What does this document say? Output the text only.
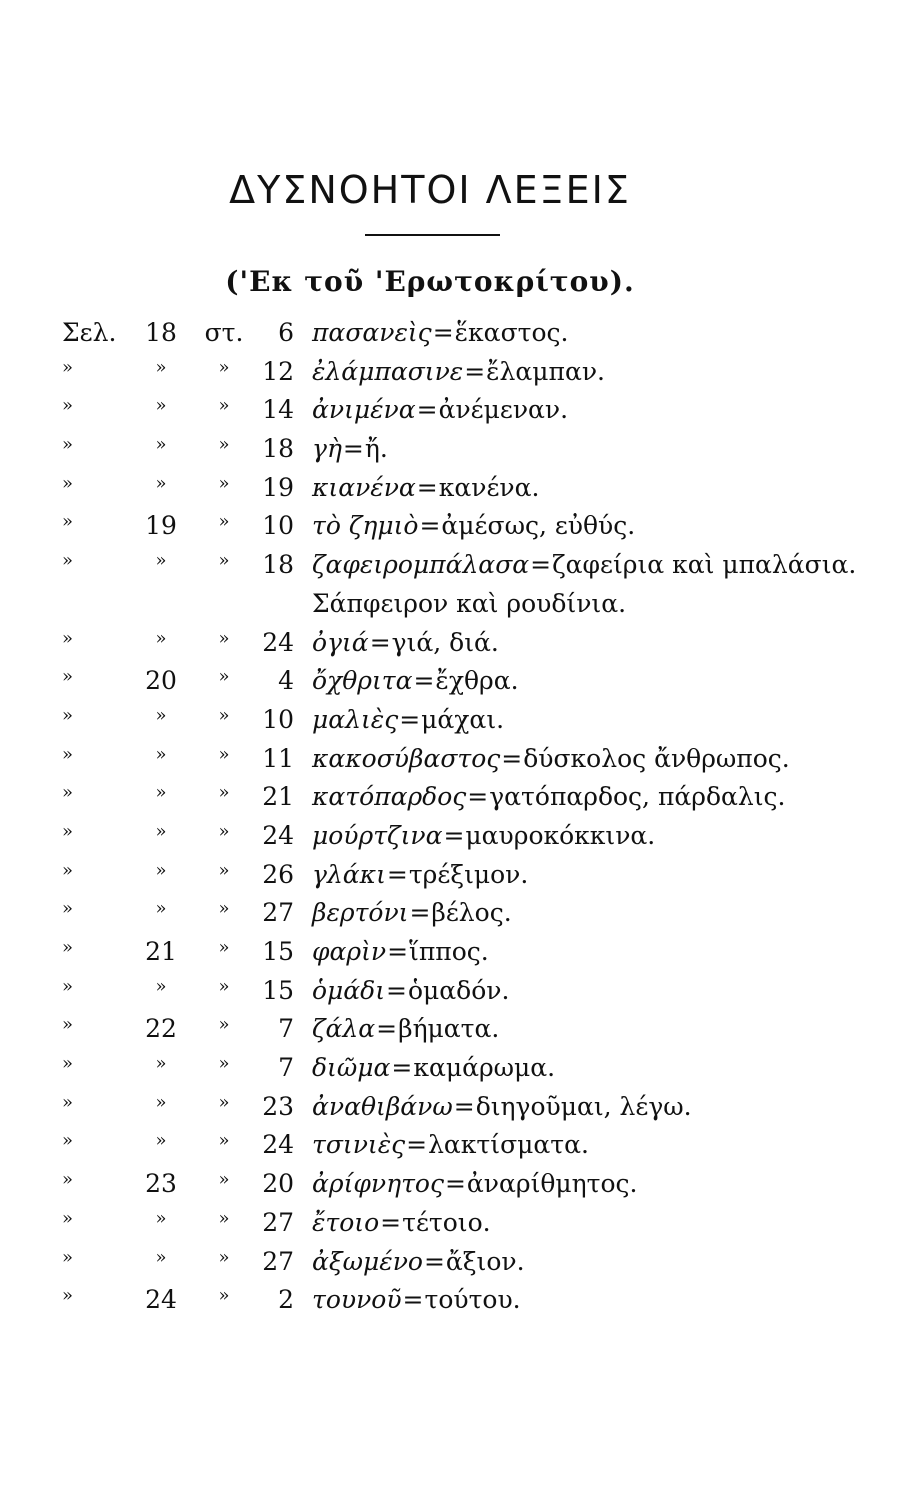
ΔΥΣΝΟΗΤΟΙ ΛΕΞΕΙΣ
('Εκ τοῦ 'Ερωτοκρίτου).
Σελ.	18	στ.	6 πασανεὶς=ἕκαστος.
»	»	»	12 ἐλάμπασινε=ἔλαμπαν.
»	»	»	14 ἀνιμένα=ἀνέμεναν.
»	»	»	18 γὴ=ἤ.
»	»	»	19 κιανένα=κανένα.
»	19	»	10 τὸ ζημιὸ=ἀμέσως, εὐθύς.
»	»	»	18 ζαφειρομπάλασα=ζαφείρια καὶ μπαλάσια.
Σάπφειρον καὶ ρουδίνια.
»	»	»	24 ὀγιά=γιά, διά.
»	20	»	4 ὄχθριτα=ἔχθρα.
»	»	»	10 μαλιὲς=μάχαι.
»	»	»	11 κακοσύβαστος=δύσκολος ἄνθρωπος.
»	»	»	21 κατόπαρδος=γατόπαρδος, πάρδαλις.
»	»	»	24 μούρτζινα=μαυροκόκκινα.
»	»	»	26 γλάκι=τρέξιμον.
»	»	»	27 βερτόνι=βέλος.
»	21	»	15 φαρὶν=ἵππος.
»	»	»	15 ὁμάδι=ὁμαδόν.
»	22	»	7 ζάλα=βήματα.
»	»	»	7 διῶμα=καμάρωμα.
»	»	»	23 ἀναθιβάνω=διηγοῦμαι, λέγω.
»	»	»	24 τσινιὲς=λακτίσματα.
»	23	»	20 ἀρίφνητος=ἀναρίθμητος.
»	»	»	27 ἔτοιο=τέτοιο.
»	»	»	27 ἀξωμένο=ἄξιον.
»	24	»	2 τουνοῦ=τούτου.
